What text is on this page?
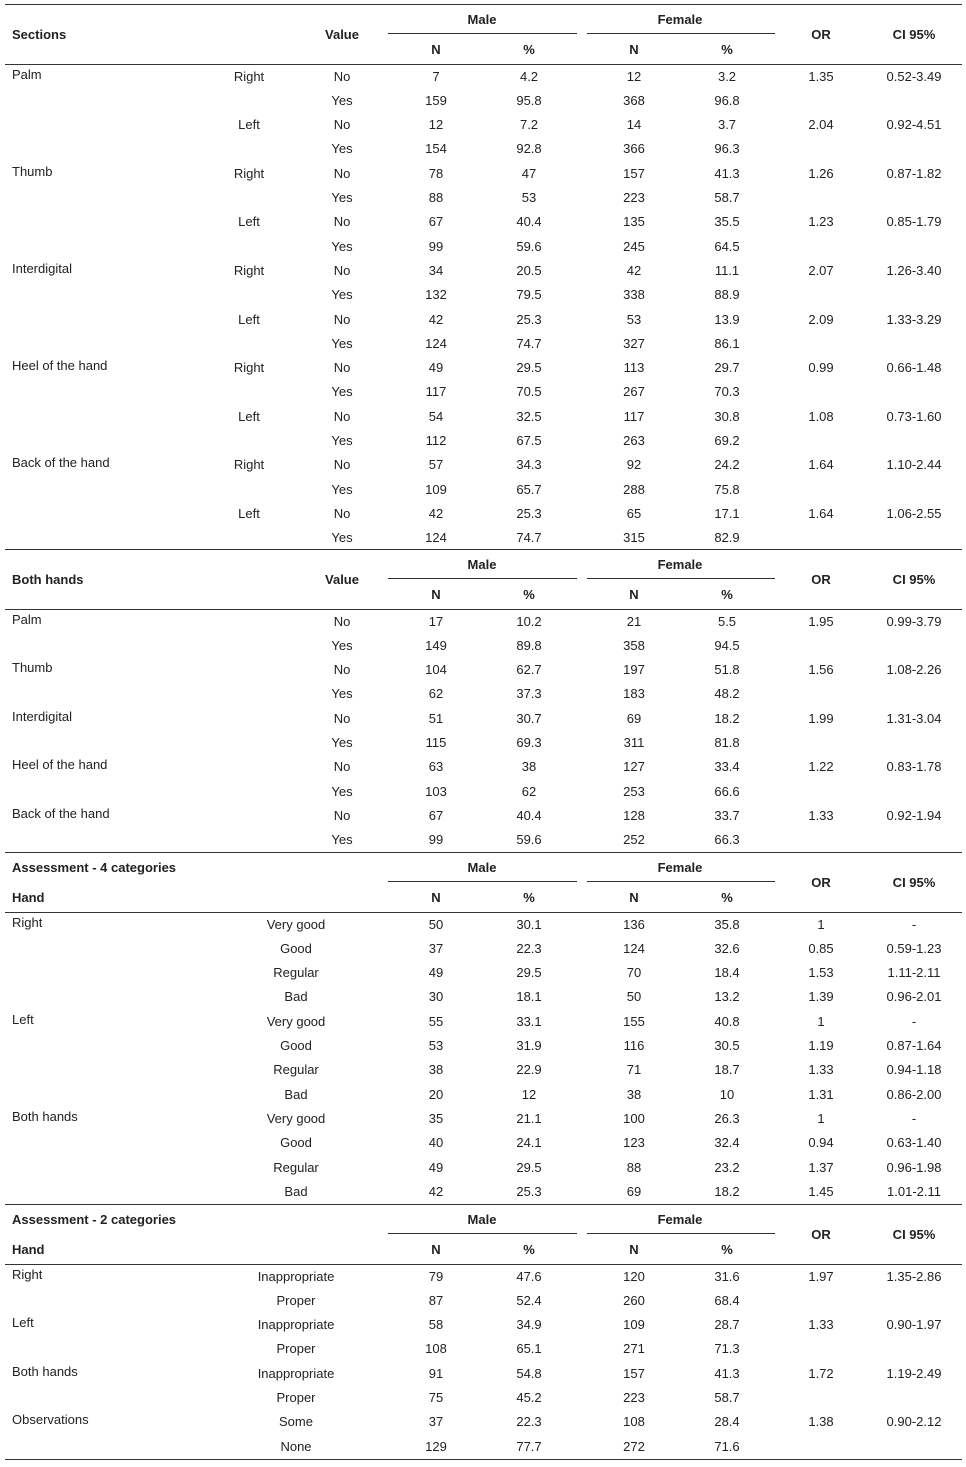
Sections	Value
Male	Female
N	%	N	%
OR	CI 95%
Palm	Right	No	7	4.2	12	3.2	1.35	0.52-3.49
Yes	159	95.8	368	96.8
Left	No	12	7.2	14	3.7	2.04	0.92-4.51
Yes	154	92.8	366	96.3
Thumb	Right	No	78	47	157	41.3	1.26	0.87-1.82
Yes	88	53	223	58.7
Left	No	67	40.4	135	35.5	1.23	0.85-1.79
Yes	99	59.6	245	64.5
Interdigital	Right	No	34	20.5	42	11.1	2.07	1.26-3.40
Yes	132	79.5	338	88.9
Left	No	42	25.3	53	13.9	2.09	1.33-3.29
Yes	124	74.7	327	86.1
Heel of the hand	Right	No	49	29.5	113	29.7	0.99	0.66-1.48
Yes	117	70.5	267	70.3
Left	No	54	32.5	117	30.8	1.08	0.73-1.60
Yes	112	67.5	263	69.2
Back of the hand	Right	No	57	34.3	92	24.2	1.64	1.10-2.44
Yes	109	65.7	288	75.8
Left	No	42	25.3	65	17.1	1.64	1.06-2.55
Yes	124	74.7	315	82.9
Both hands	Value
Male	Female
N	%	N	%
OR	CI 95%
Palm	No	17	10.2	21	5.5	1.95	0.99-3.79
Yes	149	89.8	358	94.5
Thumb	No	104	62.7	197	51.8	1.56	1.08-2.26
Yes	62	37.3	183	48.2
Interdigital	No	51	30.7	69	18.2	1.99	1.31-3.04
Yes	115	69.3	311	81.8
Heel of the hand	No	63	38	127	33.4	1.22	0.83-1.78
Yes	103	62	253	66.6
Back of the hand	No	67	40.4	128	33.7	1.33	0.92-1.94
Yes	99	59.6	252	66.3
Assessment - 4 categories
Hand
Male	Female
N	%	N	%
OR	CI 95%
Right	Very good	50	30.1	136	35.8	1	-
Good	37	22.3	124	32.6	0.85	0.59-1.23
Regular	49	29.5	70	18.4	1.53	1.11-2.11
Bad	30	18.1	50	13.2	1.39	0.96-2.01
Left	Very good	55	33.1	155	40.8	1	-
Good	53	31.9	116	30.5	1.19	0.87-1.64
Regular	38	22.9	71	18.7	1.33	0.94-1.18
Bad	20	12	38	10	1.31	0.86-2.00
Both hands	Very good	35	21.1	100	26.3	1	-
Good	40	24.1	123	32.4	0.94	0.63-1.40
Regular	49	29.5	88	23.2	1.37	0.96-1.98
Bad	42	25.3	69	18.2	1.45	1.01-2.11
Assessment - 2 categories
Hand
Male	Female
N	%	N	%
OR	CI 95%
Right	Inappropriate	79	47.6	120	31.6	1.97	1.35-2.86
Proper	87	52.4	260	68.4
Left	Inappropriate	58	34.9	109	28.7	1.33	0.90-1.97
Proper	108	65.1	271	71.3
Both hands	Inappropriate	91	54.8	157	41.3	1.72	1.19-2.49
Proper	75	45.2	223	58.7
Observations	Some	37	22.3	108	28.4	1.38	0.90-2.12
None	129	77.7	272	71.6
